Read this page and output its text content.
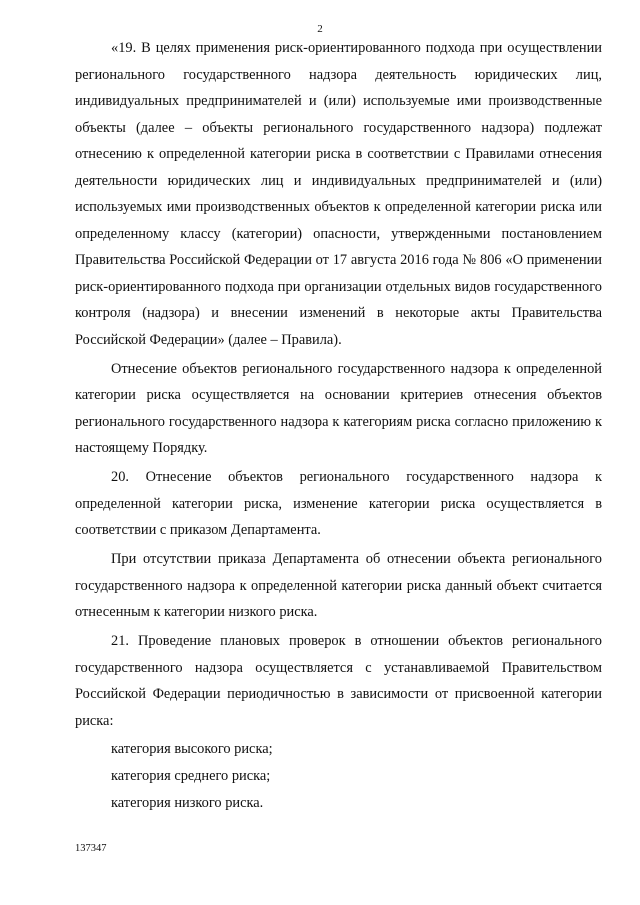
2

«19. В целях применения риск-ориентированного подхода при осуществлении регионального государственного надзора деятельность юридических лиц, индивидуальных предпринимателей и (или) используемые ими производственные объекты (далее – объекты регионального государственного надзора) подлежат отнесению к определенной категории риска в соответствии с Правилами отнесения деятельности юридических лиц и индивидуальных предпринимателей и (или) используемых ими производственных объектов к определенной категории риска или определенному классу (категории) опасности, утвержденными постановлением Правительства Российской Федерации от 17 августа 2016 года № 806 «О применении риск-ориентированного подхода при организации отдельных видов государственного контроля (надзора) и внесении изменений в некоторые акты Правительства Российской Федерации» (далее – Правила).

Отнесение объектов регионального государственного надзора к определенной категории риска осуществляется на основании критериев отнесения объектов регионального государственного надзора к категориям риска согласно приложению к настоящему Порядку.

20. Отнесение объектов регионального государственного надзора к определенной категории риска, изменение категории риска осуществляется в соответствии с приказом Департамента.

При отсутствии приказа Департамента об отнесении объекта регионального государственного надзора к определенной категории риска данный объект считается отнесенным к категории низкого риска.

21. Проведение плановых проверок в отношении объектов регионального государственного надзора осуществляется с устанавливаемой Правительством Российской Федерации периодичностью в зависимости от присвоенной категории риска:

категория высокого риска;

категория среднего риска;

категория низкого риска.

137347
